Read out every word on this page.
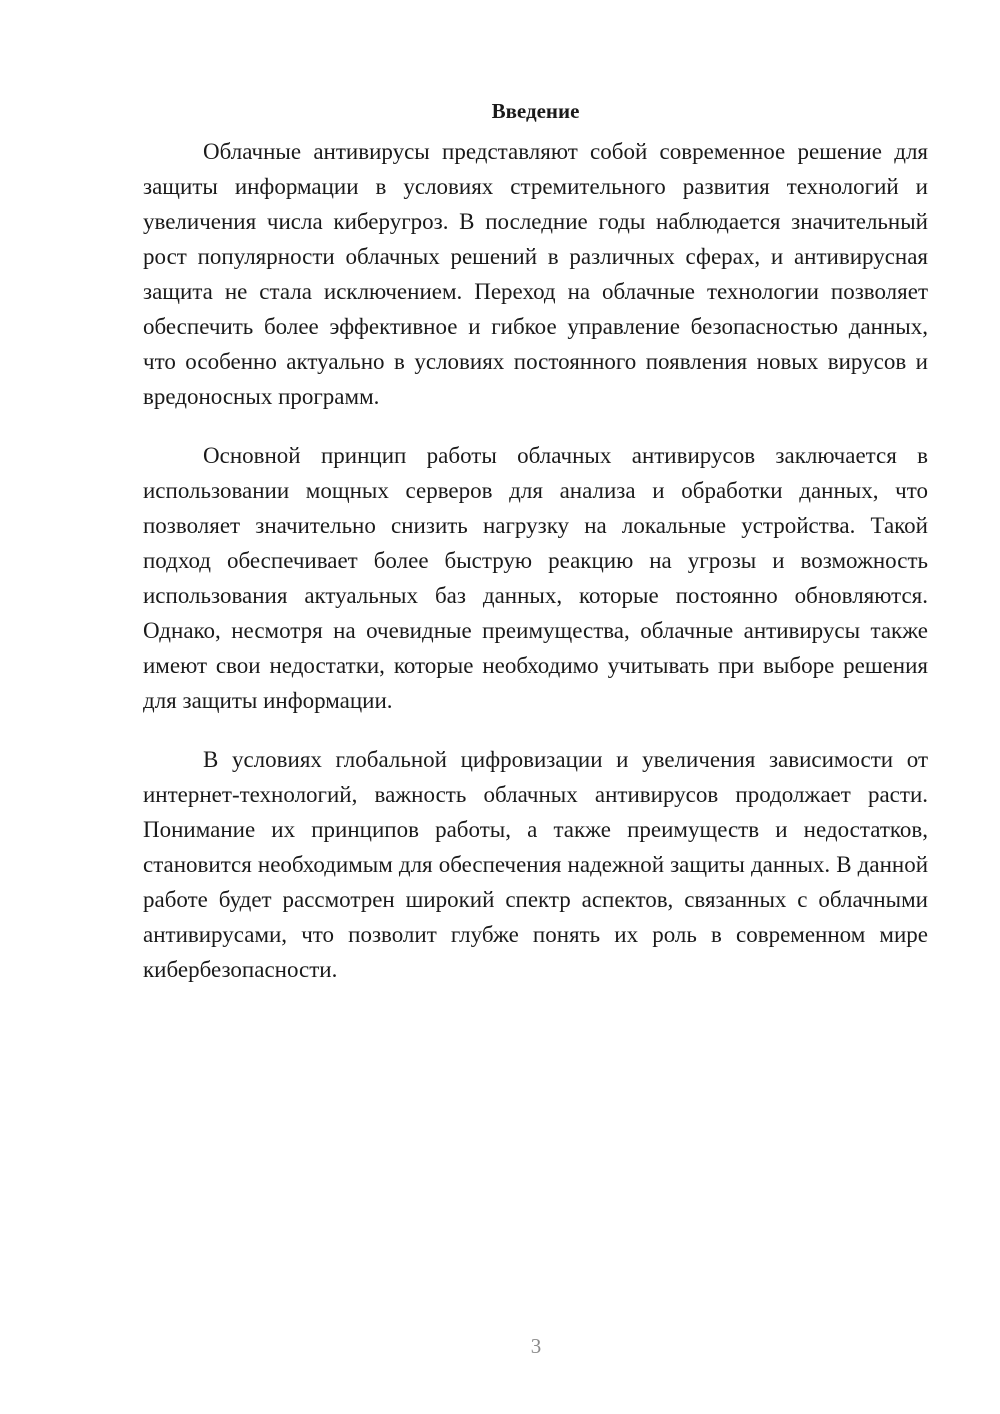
Введение

Облачные антивирусы представляют собой современное решение для защиты информации в условиях стремительного развития технологий и увеличения числа киберугроз. В последние годы наблюдается значительный рост популярности облачных решений в различных сферах, и антивирусная защита не стала исключением. Переход на облачные технологии позволяет обеспечить более эффективное и гибкое управление безопасностью данных, что особенно актуально в условиях постоянного появления новых вирусов и вредоносных программ.

Основной принцип работы облачных антивирусов заключается в использовании мощных серверов для анализа и обработки данных, что позволяет значительно снизить нагрузку на локальные устройства. Такой подход обеспечивает более быструю реакцию на угрозы и возможность использования актуальных баз данных, которые постоянно обновляются. Однако, несмотря на очевидные преимущества, облачные антивирусы также имеют свои недостатки, которые необходимо учитывать при выборе решения для защиты информации.

В условиях глобальной цифровизации и увеличения зависимости от интернет-технологий, важность облачных антивирусов продолжает расти. Понимание их принципов работы, а также преимуществ и недостатков, становится необходимым для обеспечения надежной защиты данных. В данной работе будет рассмотрен широкий спектр аспектов, связанных с облачными антивирусами, что позволит глубже понять их роль в современном мире кибербезопасности.

3
